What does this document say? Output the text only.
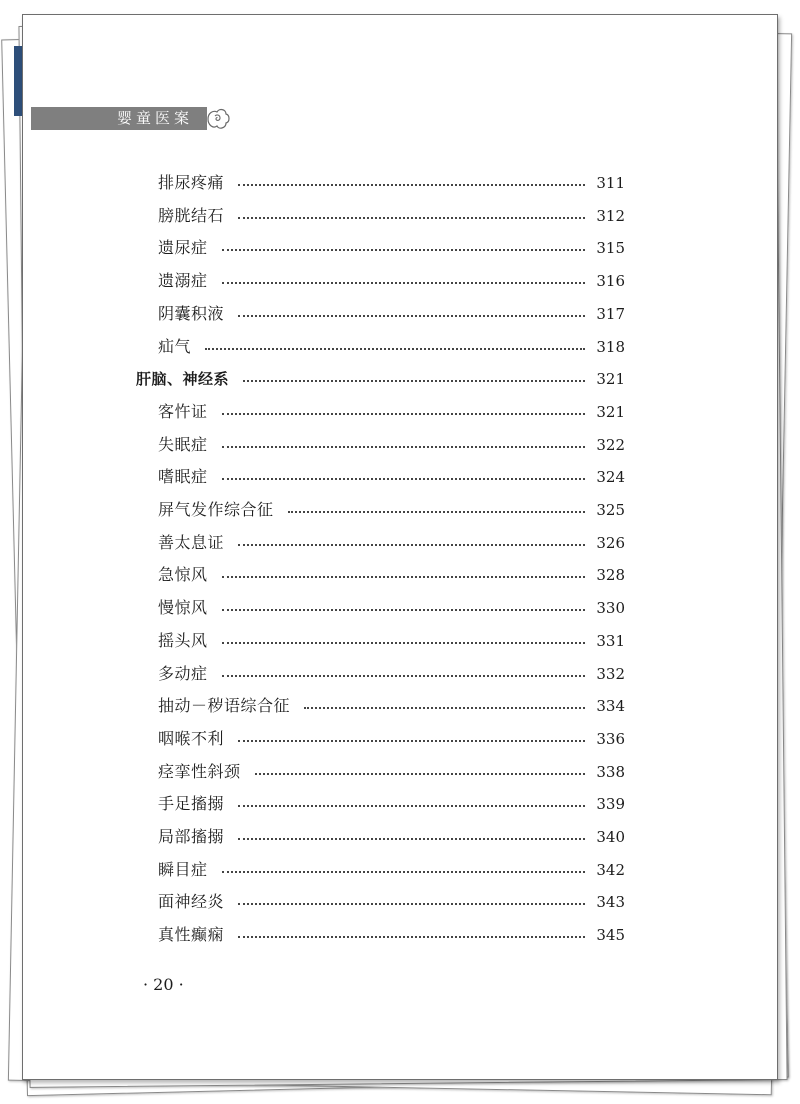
婴童医案
排尿疼痛	311
膀胱结石	312
遗尿症	315
遗溺症	316
阴囊积液	317
疝气	318
肝脑、神经系	321
客忤证	321
失眠症	322
嗜眠症	324
屏气发作综合征	325
善太息证	326
急惊风	328
慢惊风	330
摇头风	331
多动症	332
抽动－秽语综合征	334
咽喉不利	336
痉挛性斜颈	338
手足搐搦	339
局部搐搦	340
瞬目症	342
面神经炎	343
真性癫痫	345
· 20 ·
